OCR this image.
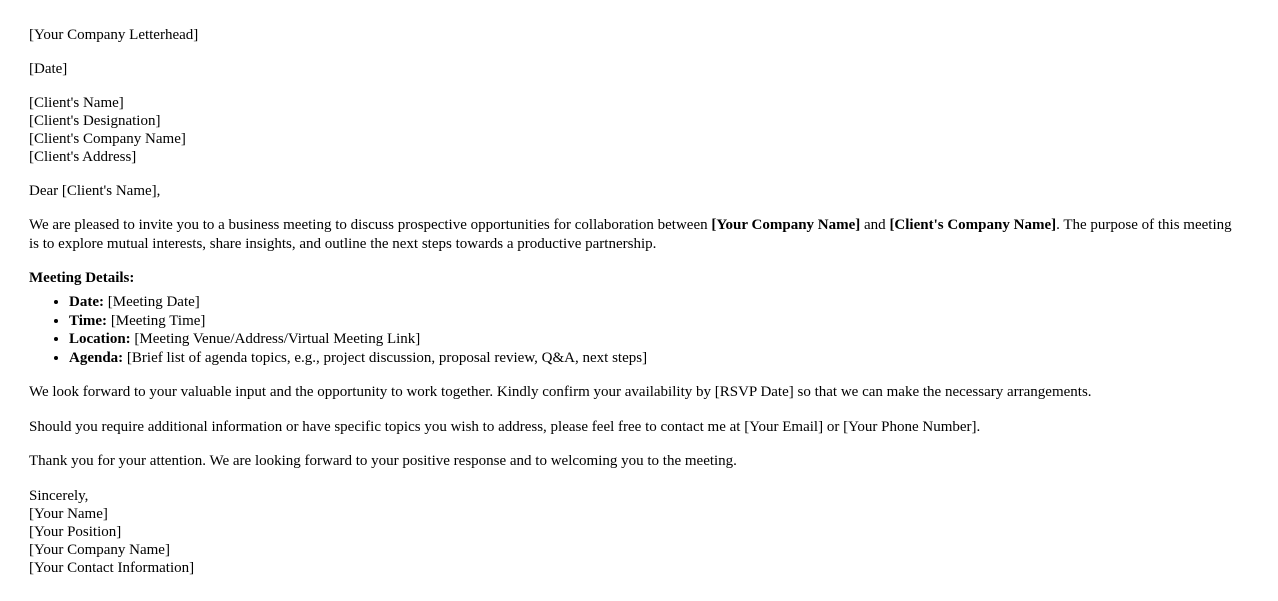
[Your Company Letterhead]
[Date]
[Client's Name]
[Client's Designation]
[Client's Company Name]
[Client's Address]
Dear [Client's Name],

We are pleased to invite you to a business meeting to discuss prospective opportunities for collaboration between [Your Company Name] and [Client's Company Name]. The purpose of this meeting is to explore mutual interests, share insights, and outline the next steps towards a productive partnership.

Meeting Details:
• Date: [Meeting Date]
• Time: [Meeting Time]
• Location: [Meeting Venue/Address/Virtual Meeting Link]
• Agenda: [Brief list of agenda topics, e.g., project discussion, proposal review, Q&A, next steps]

We look forward to your valuable input and the opportunity to work together. Kindly confirm your availability by [RSVP Date] so that we can make the necessary arrangements.

Should you require additional information or have specific topics you wish to address, please feel free to contact me at [Your Email] or [Your Phone Number].

Thank you for your attention. We are looking forward to your positive response and to welcoming you to the meeting.

Sincerely,
[Your Name]
[Your Position]
[Your Company Name]
[Your Contact Information]
